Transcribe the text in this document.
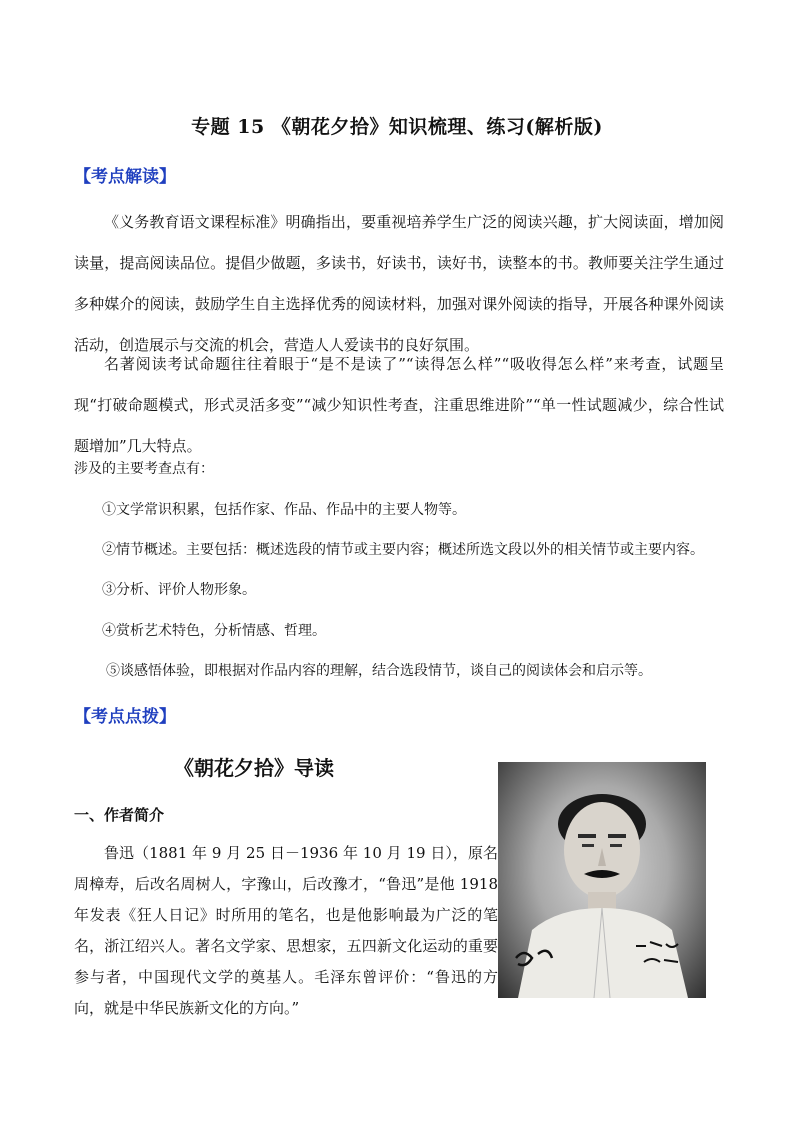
专题 15 《朝花夕拾》知识梳理、练习(解析版)
【考点解读】

《义务教育语文课程标准》明确指出，要重视培养学生广泛的阅读兴趣，扩大阅读面，增加阅读量，提高阅读品位。提倡少做题，多读书，好读书，读好书，读整本的书。教师要关注学生通过多种媒介的阅读，鼓励学生自主选择优秀的阅读材料，加强对课外阅读的指导，开展各种课外阅读活动，创造展示与交流的机会，营造人人爱读书的良好氛围。

名著阅读考试命题往往着眼于“是不是读了”“读得怎么样”“吸收得怎么样”来考查，试题呈现“打破命题模式，形式灵活多变”“减少知识性考查，注重思维进阶”“单一性试题减少，综合性试题增加”几大特点。

涉及的主要考查点有：

①文学常识积累，包括作家、作品、作品中的主要人物等。

②情节概述。主要包括：概述选段的情节或主要内容；概述所选文段以外的相关情节或主要内容。

③分析、评价人物形象。

④赏析艺术特色，分析情感、哲理。

⑤谈感悟体验，即根据对作品内容的理解，结合选段情节，谈自己的阅读体会和启示等。

【考点点拨】
《朝花夕拾》导读
一、作者简介

鲁迅（1881 年 9 月 25 日－1936 年 10 月 19 日），原名周樟寿，后改名周树人，字豫山，后改豫才，“鲁迅”是他 1918 年发表《狂人日记》时所用的笔名，也是他影响最为广泛的笔名，浙江绍兴人。著名文学家、思想家，五四新文化运动的重要参与者，中国现代文学的奠基人。毛泽东曾评价：“鲁迅的方向，就是中华民族新文化的方向。”
